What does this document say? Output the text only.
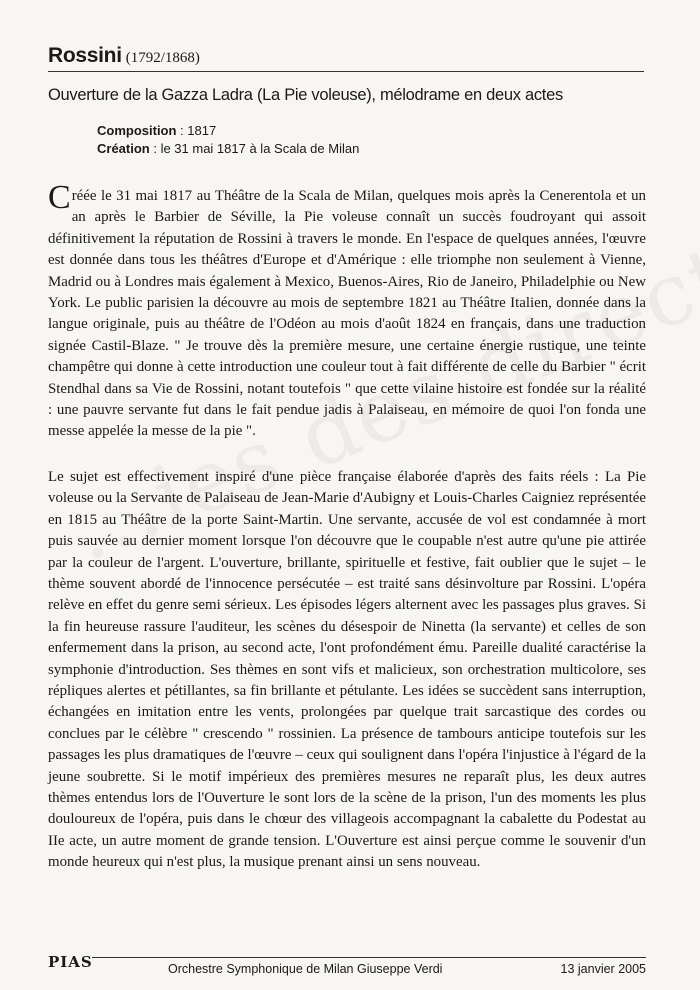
Rossini (1792/1868)
Ouverture de la Gazza Ladra (La Pie voleuse), mélodrame en deux actes
Composition : 1817
Création : le 31 mai 1817 à la Scala de Milan

Créée le 31 mai 1817 au Théâtre de la Scala de Milan, quelques mois après la Cenerentola et un an après le Barbier de Séville, la Pie voleuse connaît un succès foudroyant qui assoit définitivement la réputation de Rossini à travers le monde. En l'espace de quelques années, l'œuvre est donnée dans tous les théâtres d'Europe et d'Amérique : elle triomphe non seulement à Vienne, Madrid ou à Londres mais également à Mexico, Buenos-Aires, Rio de Janeiro, Philadelphie ou New York. Le public parisien la découvre au mois de septembre 1821 au Théâtre Italien, donnée dans la langue originale, puis au théâtre de l'Odéon au mois d'août 1824 en français, dans une traduction signée Castil-Blaze. " Je trouve dès la première mesure, une certaine énergie rustique, une teinte champêtre qui donne à cette introduction une couleur tout à fait différente de celle du Barbier " écrit Stendhal dans sa Vie de Rossini, notant toutefois " que cette vilaine histoire est fondée sur la réalité : une pauvre servante fut dans le fait pendue jadis à Palaiseau, en mémoire de quoi l'on fonda une messe appelée la messe de la pie ".

Le sujet est effectivement inspiré d'une pièce française élaborée d'après des faits réels : La Pie voleuse ou la Servante de Palaiseau de Jean-Marie d'Aubigny et Louis-Charles Caigniez représentée en 1815 au Théâtre de la porte Saint-Martin. Une servante, accusée de vol est condamnée à mort puis sauvée au dernier moment lorsque l'on découvre que le coupable n'est autre qu'une pie attirée par la couleur de l'argent. L'ouverture, brillante, spirituelle et festive, fait oublier que le sujet – le thème souvent abordé de l'innocence persécutée – est traité sans désinvolture par Rossini. L'opéra relève en effet du genre semi sérieux. Les épisodes légers alternent avec les passages plus graves. Si la fin heureuse rassure l'auditeur, les scènes du désespoir de Ninetta (la servante) et celles de son enfermement dans la prison, au second acte, l'ont profondément ému. Pareille dualité caractérise la symphonie d'introduction. Ses thèmes en sont vifs et malicieux, son orchestration multicolore, ses répliques alertes et pétillantes, sa fin brillante et pétulante. Les idées se succèdent sans interruption, échangées en imitation entre les vents, prolongées par quelque trait sarcastique des cordes ou conclues par le célèbre " crescendo " rossinien. La présence de tambours anticipe toutefois sur les passages les plus dramatiques de l'œuvre – ceux qui soulignent dans l'opéra l'injustice à l'égard de la jeune soubrette. Si le motif impérieux des premières mesures ne reparaît plus, les deux autres thèmes entendus lors de l'Ouverture le sont lors de la scène de la prison, l'un des moments les plus douloureux de l'opéra, puis dans le chœur des villageois accompagnant la cabalette du Podestat au IIe acte, un autre moment de grande tension. L'Ouverture est ainsi perçue comme le souvenir d'un monde heureux qui n'est plus, la musique prenant ainsi un sens nouveau.

PIAS	Orchestre Symphonique de Milan Giuseppe Verdi	13 janvier 2005
